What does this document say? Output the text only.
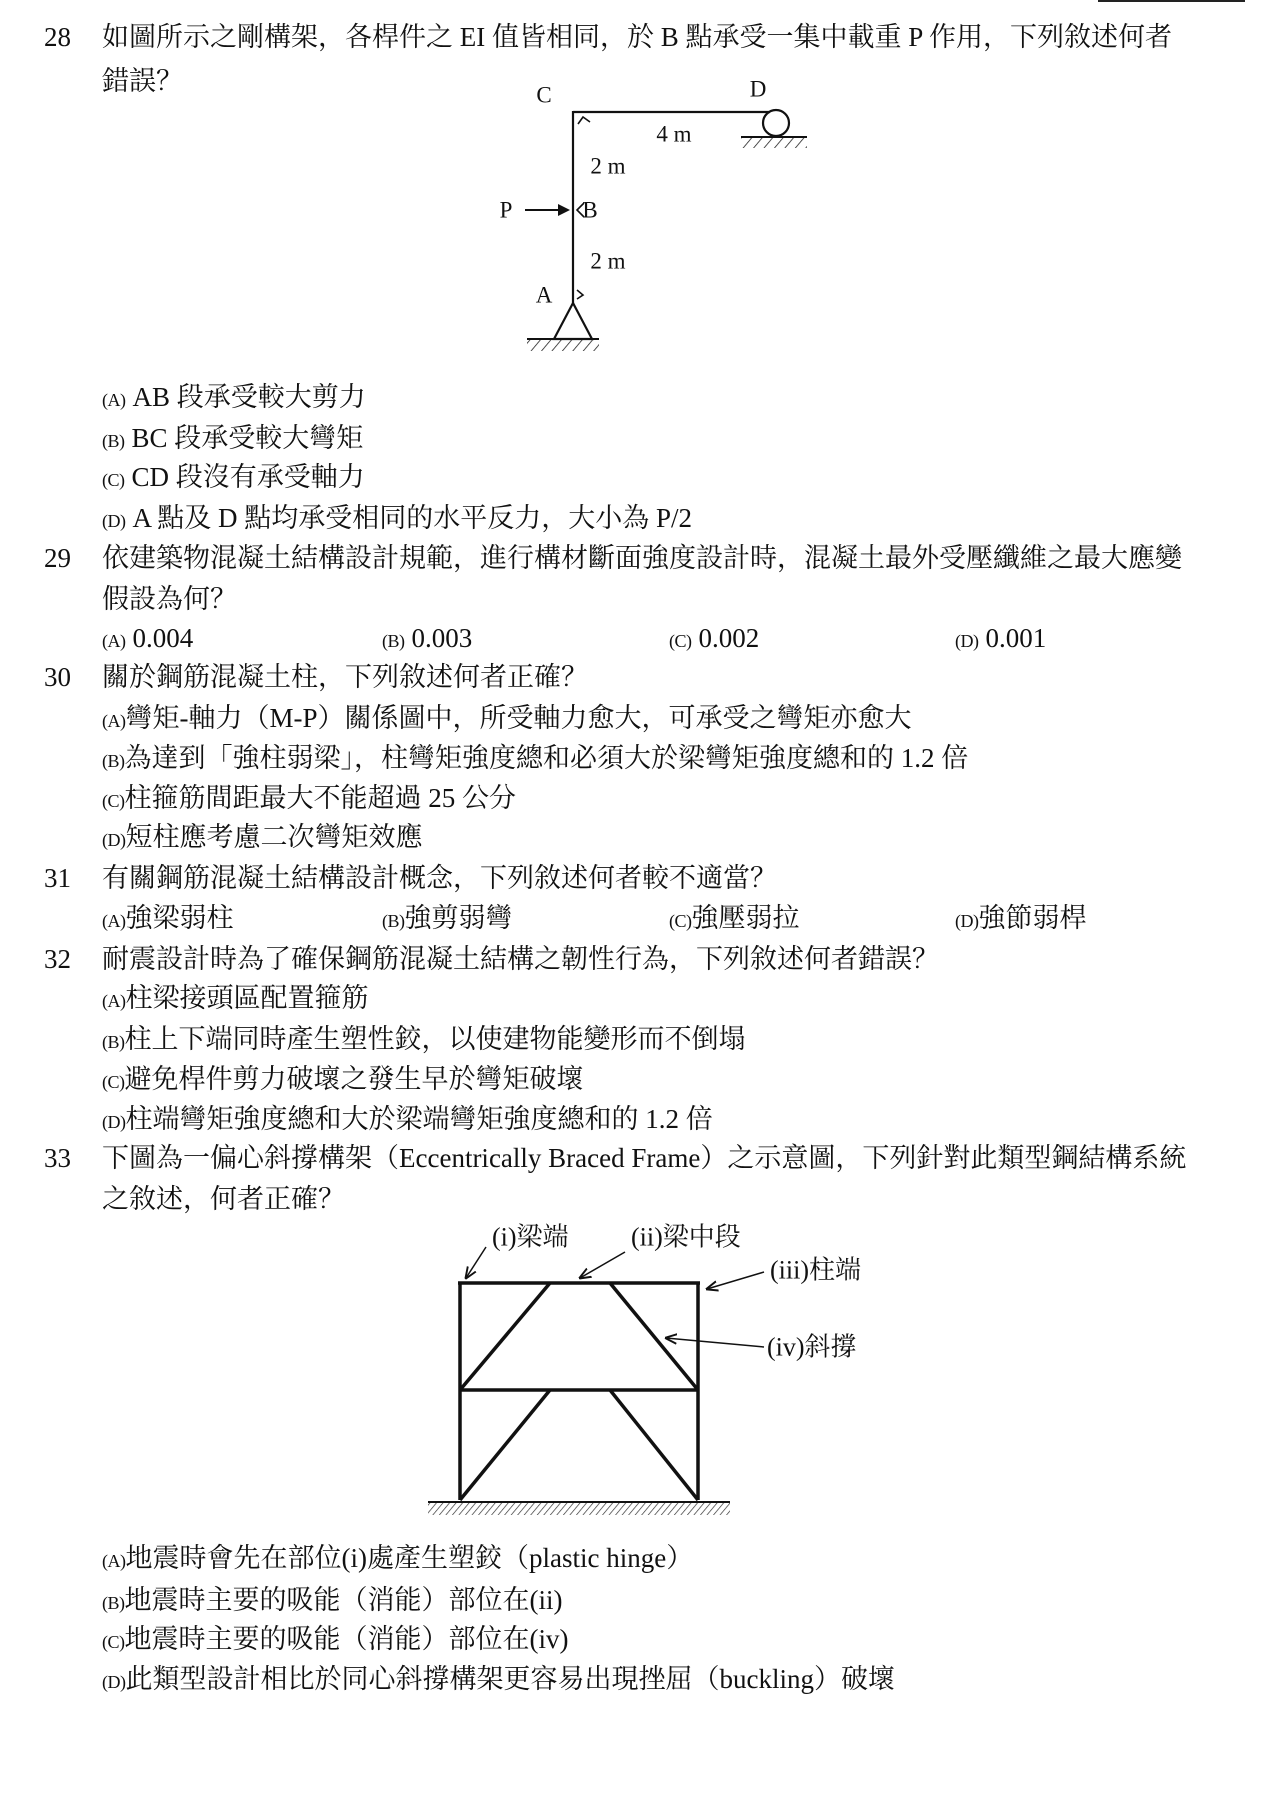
28 如圖所示之剛構架，各桿件之 EI 值皆相同，於 B 點承受一集中載重 P 作用，下列敘述何者
錯誤？	C	D
4 m
2 m
P	B
2 m
A
(A) AB 段承受較大剪力
(B) BC 段承受較大彎矩
(C) CD 段沒有承受軸力
(D) A 點及 D 點均承受相同的水平反力，大小為 P/2
29 依建築物混凝土結構設計規範，進行構材斷面強度設計時，混凝土最外受壓纖維之最大應變
假設為何？
(A) 0.004	(B) 0.003	(C) 0.002	(D) 0.001
30 關於鋼筋混凝土柱，下列敘述何者正確？
(A)彎矩-軸力（M-P）關係圖中，所受軸力愈大，可承受之彎矩亦愈大
(B)為達到「強柱弱梁」，柱彎矩強度總和必須大於梁彎矩強度總和的 1.2 倍
(C)柱箍筋間距最大不能超過 25 公分
(D)短柱應考慮二次彎矩效應
31 有關鋼筋混凝土結構設計概念，下列敘述何者較不適當？
(A)強梁弱柱	(B)強剪弱彎	(C)強壓弱拉	(D)強節弱桿
32 耐震設計時為了確保鋼筋混凝土結構之韌性行為，下列敘述何者錯誤？
(A)柱梁接頭區配置箍筋
(B)柱上下端同時產生塑性鉸，以使建物能變形而不倒塌
(C)避免桿件剪力破壞之發生早於彎矩破壞
(D)柱端彎矩強度總和大於梁端彎矩強度總和的 1.2 倍
33 下圖為一偏心斜撐構架（Eccentrically Braced Frame）之示意圖，下列針對此類型鋼結構系統
之敘述，何者正確？
(i)梁端 (ii)梁中段
(iii)柱端
(iv)斜撐
(A)地震時會先在部位(i)處產生塑鉸（plastic hinge）
(B)地震時主要的吸能（消能）部位在(ii)
(C)地震時主要的吸能（消能）部位在(iv)
(D)此類型設計相比於同心斜撐構架更容易出現挫屈（buckling）破壞
